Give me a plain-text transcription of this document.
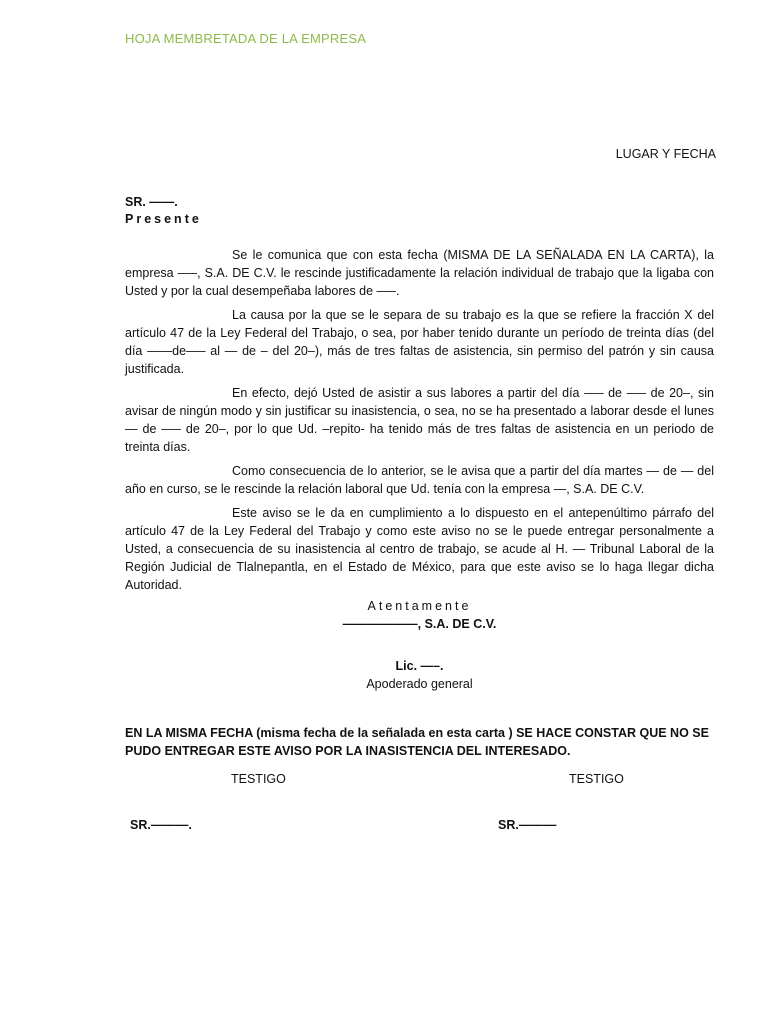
HOJA MEMBRETADA DE LA EMPRESA
LUGAR Y FECHA
SR. ——.
Presente

Se le comunica que con esta fecha (MISMA DE LA SEÑALADA EN LA CARTA), la empresa —–, S.A. DE C.V. le rescinde justificadamente la relación individual de trabajo que la ligaba con Usted y por la cual desempeñaba labores de —–.

La causa por la que se le separa de su trabajo es la que se refiere la fracción X del artículo 47 de la Ley Federal del Trabajo, o sea, por haber tenido durante un período de treinta días (del día ——de—– al — de – del 20–), más de tres faltas de asistencia, sin permiso del patrón y sin causa justificada.

En efecto, dejó Usted de asistir a sus labores a partir del día —– de —– de 20–, sin avisar de ningún modo y sin justificar su inasistencia, o sea, no se ha presentado a laborar desde el lunes — de —– de 20–, por lo que Ud. –repito- ha tenido más de tres faltas de asistencia en un periodo de treinta días.

Como consecuencia de lo anterior, se le avisa que a partir del día martes — de — del año en curso, se le rescinde la relación laboral que Ud. tenía con la empresa —, S.A. DE C.V.

Este aviso se le da en cumplimiento a lo dispuesto en el antepenúltimo párrafo del artículo 47 de la Ley Federal del Trabajo y como este aviso no se le puede entregar personalmente a Usted, a consecuencia de su inasistencia al centro de trabajo, se acude al H. — Tribunal Laboral de la Región Judicial de Tlalnepantla, en el Estado de México, para que este aviso se lo haga llegar dicha Autoridad.

Atentamente
——————, S.A. DE C.V.
Lic. —–.
Apoderado general
EN LA MISMA FECHA (misma fecha de la señalada en esta carta ) SE HACE CONSTAR QUE NO SE PUDO ENTREGAR ESTE AVISO POR LA INASISTENCIA DEL INTERESADO.
TESTIGO	TESTIGO
SR.———.	SR.———
